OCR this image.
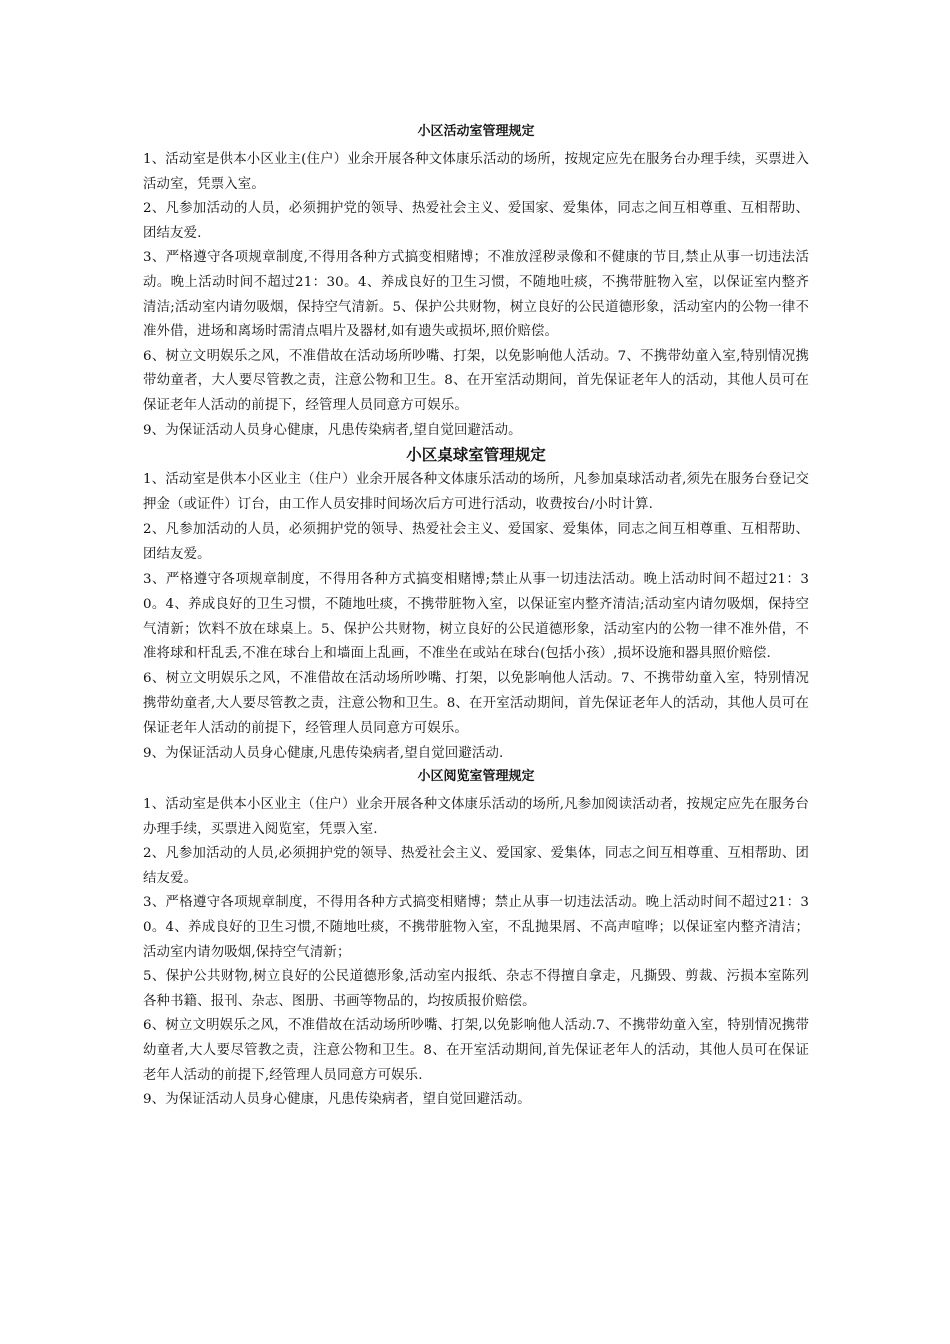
小区活动室管理规定

1、活动室是供本小区业主(住户）业余开展各种文体康乐活动的场所，按规定应先在服务台办理手续，买票进入活动室，凭票入室。

2、凡参加活动的人员，必须拥护党的领导、热爱社会主义、爱国家、爱集体，同志之间互相尊重、互相帮助、团结友爱.

3、严格遵守各项规章制度,不得用各种方式搞变相赌博；不准放淫秽录像和不健康的节目,禁止从事一切违法活动。晚上活动时间不超过21：30。4、养成良好的卫生习惯，不随地吐痰，不携带脏物入室，以保证室内整齐清洁;活动室内请勿吸烟，保持空气清新。5、保护公共财物，树立良好的公民道德形象，活动室内的公物一律不准外借，进场和离场时需清点唱片及器材,如有遗失或损坏,照价赔偿。

6、树立文明娱乐之风，不准借故在活动场所吵嘴、打架，以免影响他人活动。7、不携带幼童入室,特别情况携带幼童者，大人要尽管教之责，注意公物和卫生。8、在开室活动期间，首先保证老年人的活动，其他人员可在保证老年人活动的前提下，经管理人员同意方可娱乐。

9、为保证活动人员身心健康，凡患传染病者,望自觉回避活动。

小区桌球室管理规定

1、活动室是供本小区业主（住户）业余开展各种文体康乐活动的场所，凡参加桌球活动者,须先在服务台登记交押金（或证件）订台，由工作人员安排时间场次后方可进行活动，收费按台/小时计算.

2、凡参加活动的人员，必须拥护党的领导、热爱社会主义、爱国家、爱集体，同志之间互相尊重、互相帮助、团结友爱。

3、严格遵守各项规章制度，不得用各种方式搞变相赌博;禁止从事一切违法活动。晚上活动时间不超过21：30。4、养成良好的卫生习惯，不随地吐痰，不携带脏物入室，以保证室内整齐清洁;活动室内请勿吸烟，保持空气清新；饮料不放在球桌上。5、保护公共财物，树立良好的公民道德形象，活动室内的公物一律不准外借，不准将球和杆乱丢,不准在球台上和墙面上乱画，不准坐在或站在球台(包括小孩）,损坏设施和器具照价赔偿.

6、树立文明娱乐之风，不准借故在活动场所吵嘴、打架，以免影响他人活动。7、不携带幼童入室，特别情况携带幼童者,大人要尽管教之责，注意公物和卫生。8、在开室活动期间，首先保证老年人的活动，其他人员可在保证老年人活动的前提下，经管理人员同意方可娱乐。

9、为保证活动人员身心健康,凡患传染病者,望自觉回避活动.

小区阅览室管理规定

1、活动室是供本小区业主（住户）业余开展各种文体康乐活动的场所,凡参加阅读活动者，按规定应先在服务台办理手续，买票进入阅览室，凭票入室.

2、凡参加活动的人员,必须拥护党的领导、热爱社会主义、爱国家、爱集体，同志之间互相尊重、互相帮助、团结友爱。

3、严格遵守各项规章制度，不得用各种方式搞变相赌博；禁止从事一切违法活动。晚上活动时间不超过21：30。4、养成良好的卫生习惯,不随地吐痰，不携带脏物入室，不乱抛果屑、不高声喧哗；以保证室内整齐清洁；活动室内请勿吸烟,保持空气清新；

5、保护公共财物,树立良好的公民道德形象,活动室内报纸、杂志不得擅自拿走，凡撕毁、剪裁、污损本室陈列各种书籍、报刊、杂志、图册、书画等物品的，均按质报价赔偿。

6、树立文明娱乐之风，不准借故在活动场所吵嘴、打架,以免影响他人活动.7、不携带幼童入室，特别情况携带幼童者,大人要尽管教之责，注意公物和卫生。8、在开室活动期间,首先保证老年人的活动，其他人员可在保证老年人活动的前提下,经管理人员同意方可娱乐.

9、为保证活动人员身心健康，凡患传染病者，望自觉回避活动。
